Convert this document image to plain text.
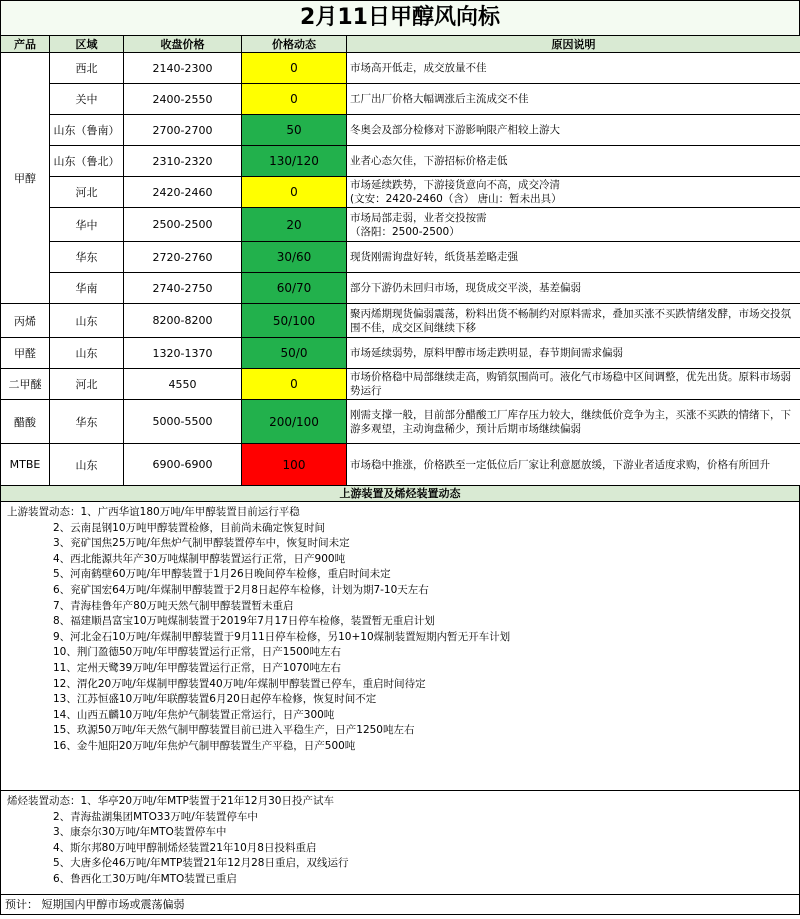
2月11日甲醇风向标
产品	区域	收盘价格	价格动态	原因说明
甲醇	西北	2140-2300	0	市场高开低走，成交放量不佳
	关中	2400-2550	0	工厂出厂价格大幅调涨后主流成交不佳
	山东（鲁南）	2700-2700	50	冬奥会及部分检修对下游影响限产相较上游大
	山东（鲁北）	2310-2320	130/120	业者心态欠佳，下游招标价格走低
	河北	2420-2460	0	市场延续跌势，下游接货意向不高，成交冷清
(文安：2420-2460（含） 唐山：暂未出具）
	华中	2500-2500	20	市场局部走弱，业者交投按需
（洛阳：2500-2500）
	华东	2720-2760	30/60	现货刚需询盘好转，纸货基差略走强
	华南	2740-2750	60/70	部分下游仍未回归市场，现货成交平淡，基差偏弱
丙烯	山东	8200-8200	50/100	聚丙烯期现货偏弱震荡，粉料出货不畅制约对原料需求，叠加买涨不买跌情绪发酵，市场交投氛围不佳，成交区间继续下移
甲醛	山东	1320-1370	50/0	市场延续弱势，原料甲醇市场走跌明显，春节期间需求偏弱
二甲醚	河北	4550	0	市场价格稳中局部继续走高，购销氛围尚可。液化气市场稳中区间调整，优先出货。原料市场弱势运行
醋酸	华东	5000-5500	200/100	刚需支撑一般，目前部分醋酸工厂库存压力较大，继续低价竞争为主，买涨不买跌的情绪下，下游多观望，主动询盘稀少，预计后期市场继续偏弱
MTBE	山东	6900-6900	100	市场稳中推涨，价格跌至一定低位后厂家让利意愿放缓，下游业者适度求购，价格有所回升
上游装置及烯烃装置动态
上游装置动态：1、广西华谊180万吨/年甲醇装置目前运行平稳
2、云南昆钢10万吨甲醇装置检修，目前尚未确定恢复时间
3、兖矿国焦25万吨/年焦炉气制甲醇装置停车中，恢复时间未定
4、西北能源共年产30万吨煤制甲醇装置运行正常，日产900吨
5、河南鹤壁60万吨/年甲醇装置于1月26日晚间停车检修，重启时间未定
6、兖矿国宏64万吨/年煤制甲醇装置于2月8日起停车检修，计划为期7-10天左右
7、青海桂鲁年产80万吨天然气制甲醇装置暂未重启
8、福建顺昌富宝10万吨煤制装置于2019年7月17日停车检修，装置暂无重启计划
9、河北金石10万吨/年煤制甲醇装置于9月11日停车检修，另10+10煤制装置短期内暂无开车计划
10、荆门盈德50万吨/年甲醇装置运行正常，日产1500吨左右
11、定州天鹭39万吨/年甲醇装置运行正常，日产1070吨左右
12、渭化20万吨/年煤制甲醇装置40万吨/年煤制甲醇装置已停车，重启时间待定
13、江苏恒盛10万吨/年联醇装置6月20日起停车检修，恢复时间不定
14、山西五麟10万吨/年焦炉气制装置正常运行，日产300吨
15、玖源50万吨/年天然气制甲醇装置目前已进入平稳生产，日产1250吨左右
16、金牛旭阳20万吨/年焦炉气制甲醇装置生产平稳，日产500吨
烯烃装置动态：1、华亭20万吨/年MTP装置于21年12月30日投产试车
2、青海盐湖集团MTO33万吨/年装置停车中
3、康奈尔30万吨/年MTO装置停车中
4、斯尔邦80万吨甲醇制烯烃装置21年10月8日投料重启
5、大唐多伦46万吨/年MTP装置21年12月28日重启，双线运行
6、鲁西化工30万吨/年MTO装置已重启
预计： 短期国内甲醇市场或震荡偏弱
